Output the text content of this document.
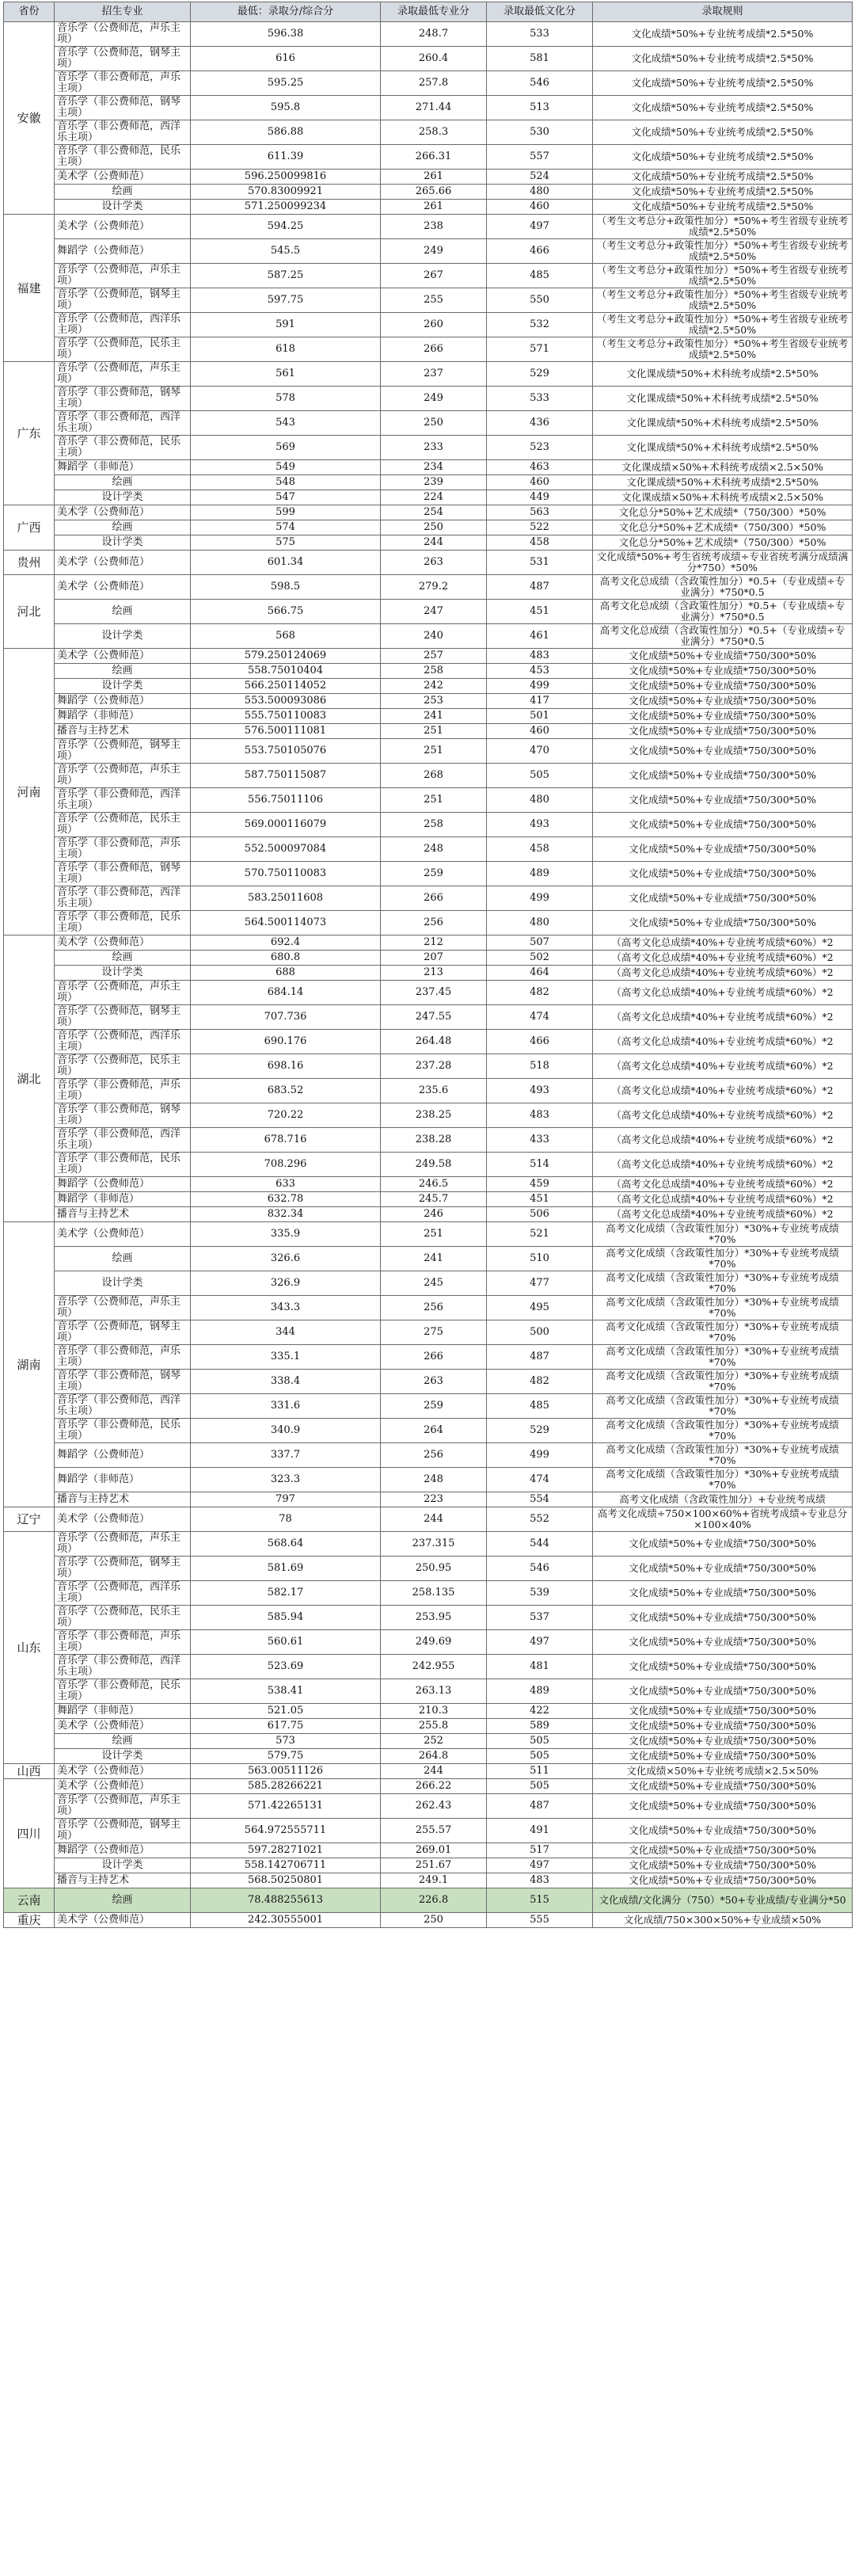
省份	招生专业	最低：录取分/综合分	录取最低专业分	录取最低文化分	录取规则
安徽	音乐学（公费师范，声乐主项）	596.38	248.7	533	文化成绩*50%+专业统考成绩*2.5*50%
	音乐学（公费师范，钢琴主项）	616	260.4	581	文化成绩*50%+专业统考成绩*2.5*50%
	音乐学（非公费师范，声乐主项）	595.25	257.8	546	文化成绩*50%+专业统考成绩*2.5*50%
	音乐学（非公费师范，钢琴主项）	595.8	271.44	513	文化成绩*50%+专业统考成绩*2.5*50%
	音乐学（非公费师范，西洋乐主项）	586.88	258.3	530	文化成绩*50%+专业统考成绩*2.5*50%
	音乐学（非公费师范，民乐主项）	611.39	266.31	557	文化成绩*50%+专业统考成绩*2.5*50%
	美术学（公费师范）	596.250099816	261	524	文化成绩*50%+专业统考成绩*2.5*50%
	绘画	570.83009921	265.66	480	文化成绩*50%+专业统考成绩*2.5*50%
	设计学类	571.250099234	261	460	文化成绩*50%+专业统考成绩*2.5*50%
福建	美术学（公费师范）	594.25	238	497	（考生文考总分+政策性加分）*50%+考生省级专业统考成绩*2.5*50%
	舞蹈学（公费师范）	545.5	249	466	（考生文考总分+政策性加分）*50%+考生省级专业统考成绩*2.5*50%
	音乐学（公费师范，声乐主项）	587.25	267	485	（考生文考总分+政策性加分）*50%+考生省级专业统考成绩*2.5*50%
	音乐学（公费师范，钢琴主项）	597.75	255	550	（考生文考总分+政策性加分）*50%+考生省级专业统考成绩*2.5*50%
	音乐学（公费师范，西洋乐主项）	591	260	532	（考生文考总分+政策性加分）*50%+考生省级专业统考成绩*2.5*50%
	音乐学（公费师范，民乐主项）	618	266	571	（考生文考总分+政策性加分）*50%+考生省级专业统考成绩*2.5*50%
广东	音乐学（公费师范，声乐主项）	561	237	529	文化课成绩*50%+术科统考成绩*2.5*50%
	音乐学（非公费师范，钢琴主项）	578	249	533	文化课成绩*50%+术科统考成绩*2.5*50%
	音乐学（非公费师范，西洋乐主项）	543	250	436	文化课成绩*50%+术科统考成绩*2.5*50%
	音乐学（非公费师范，民乐主项）	569	233	523	文化课成绩*50%+术科统考成绩*2.5*50%
	舞蹈学（非师范）	549	234	463	文化课成绩×50%+术科统考成绩×2.5×50%
	绘画	548	239	460	文化课成绩*50%+术科统考成绩*2.5*50%
	设计学类	547	224	449	文化课成绩×50%+术科统考成绩×2.5×50%
广西	美术学（公费师范）	599	254	563	文化总分*50%+艺术成绩*（750/300）*50%
	绘画	574	250	522	文化总分*50%+艺术成绩*（750/300）*50%
	设计学类	575	244	458	文化总分*50%+艺术成绩*（750/300）*50%
贵州	美术学（公费师范）	601.34	263	531	文化成绩*50%+考生省统考成绩÷专业省统考满分成绩满分*750）*50%
河北	美术学（公费师范）	598.5	279.2	487	高考文化总成绩（含政策性加分）*0.5+（专业成绩÷专业满分）*750*0.5
	绘画	566.75	247	451	高考文化总成绩（含政策性加分）*0.5+（专业成绩÷专业满分）*750*0.5
	设计学类	568	240	461	高考文化总成绩（含政策性加分）*0.5+（专业成绩÷专业满分）*750*0.5
河南	美术学（公费师范）	579.250124069	257	483	文化成绩*50%+专业成绩*750/300*50%
	绘画	558.75010404	258	453	文化成绩*50%+专业成绩*750/300*50%
	设计学类	566.250114052	242	499	文化成绩*50%+专业成绩*750/300*50%
	舞蹈学（公费师范）	553.500093086	253	417	文化成绩*50%+专业成绩*750/300*50%
	舞蹈学（非师范）	555.750110083	241	501	文化成绩*50%+专业成绩*750/300*50%
	播音与主持艺术	576.500111081	251	460	文化成绩*50%+专业成绩*750/300*50%
	音乐学（公费师范，钢琴主项）	553.750105076	251	470	文化成绩*50%+专业成绩*750/300*50%
	音乐学（公费师范，声乐主项）	587.750115087	268	505	文化成绩*50%+专业成绩*750/300*50%
	音乐学（非公费师范，西洋乐主项）	556.75011106	251	480	文化成绩*50%+专业成绩*750/300*50%
	音乐学（公费师范，民乐主项）	569.000116079	258	493	文化成绩*50%+专业成绩*750/300*50%
	音乐学（非公费师范，声乐主项）	552.500097084	248	458	文化成绩*50%+专业成绩*750/300*50%
	音乐学（非公费师范，钢琴主项）	570.750110083	259	489	文化成绩*50%+专业成绩*750/300*50%
	音乐学（非公费师范，西洋乐主项）	583.25011608	266	499	文化成绩*50%+专业成绩*750/300*50%
	音乐学（非公费师范，民乐主项）	564.500114073	256	480	文化成绩*50%+专业成绩*750/300*50%
湖北	美术学（公费师范）	692.4	212	507	（高考文化总成绩*40%+专业统考成绩*60%）*2
	绘画	680.8	207	502	（高考文化总成绩*40%+专业统考成绩*60%）*2
	设计学类	688	213	464	（高考文化总成绩*40%+专业统考成绩*60%）*2
	音乐学（公费师范，声乐主项）	684.14	237.45	482	（高考文化总成绩*40%+专业统考成绩*60%）*2
	音乐学（公费师范，钢琴主项）	707.736	247.55	474	（高考文化总成绩*40%+专业统考成绩*60%）*2
	音乐学（公费师范，西洋乐主项）	690.176	264.48	466	（高考文化总成绩*40%+专业统考成绩*60%）*2
	音乐学（公费师范，民乐主项）	698.16	237.28	518	（高考文化总成绩*40%+专业统考成绩*60%）*2
	音乐学（非公费师范，声乐主项）	683.52	235.6	493	（高考文化总成绩*40%+专业统考成绩*60%）*2
	音乐学（非公费师范，钢琴主项）	720.22	238.25	483	（高考文化总成绩*40%+专业统考成绩*60%）*2
	音乐学（非公费师范，西洋乐主项）	678.716	238.28	433	（高考文化总成绩*40%+专业统考成绩*60%）*2
	音乐学（非公费师范，民乐主项）	708.296	249.58	514	（高考文化总成绩*40%+专业统考成绩*60%）*2
	舞蹈学（公费师范）	633	246.5	459	（高考文化总成绩*40%+专业统考成绩*60%）*2
	舞蹈学（非师范）	632.78	245.7	451	（高考文化总成绩*40%+专业统考成绩*60%）*2
	播音与主持艺术	832.34	246	506	（高考文化总成绩*40%+专业统考成绩*60%）*2
湖南	美术学（公费师范）	335.9	251	521	高考文化成绩（含政策性加分）*30%+专业统考成绩*70%
	绘画	326.6	241	510	高考文化成绩（含政策性加分）*30%+专业统考成绩*70%
	设计学类	326.9	245	477	高考文化成绩（含政策性加分）*30%+专业统考成绩*70%
	音乐学（公费师范，声乐主项）	343.3	256	495	高考文化成绩（含政策性加分）*30%+专业统考成绩*70%
	音乐学（公费师范，钢琴主项）	344	275	500	高考文化成绩（含政策性加分）*30%+专业统考成绩*70%
	音乐学（非公费师范，声乐主项）	335.1	266	487	高考文化成绩（含政策性加分）*30%+专业统考成绩*70%
	音乐学（非公费师范，钢琴主项）	338.4	263	482	高考文化成绩（含政策性加分）*30%+专业统考成绩*70%
	音乐学（非公费师范，西洋乐主项）	331.6	259	485	高考文化成绩（含政策性加分）*30%+专业统考成绩*70%
	音乐学（非公费师范，民乐主项）	340.9	264	529	高考文化成绩（含政策性加分）*30%+专业统考成绩*70%
	舞蹈学（公费师范）	337.7	256	499	高考文化成绩（含政策性加分）*30%+专业统考成绩*70%
	舞蹈学（非师范）	323.3	248	474	高考文化成绩（含政策性加分）*30%+专业统考成绩*70%
	播音与主持艺术	797	223	554	高考文化成绩（含政策性加分）+专业统考成绩
辽宁	美术学（公费师范）	78	244	552	高考文化成绩÷750×100×60%+省统考成绩÷专业总分×100×40%
山东	音乐学（公费师范，声乐主项）	568.64	237.315	544	文化成绩*50%+专业成绩*750/300*50%
	音乐学（公费师范，钢琴主项）	581.69	250.95	546	文化成绩*50%+专业成绩*750/300*50%
	音乐学（公费师范，西洋乐主项）	582.17	258.135	539	文化成绩*50%+专业成绩*750/300*50%
	音乐学（公费师范，民乐主项）	585.94	253.95	537	文化成绩*50%+专业成绩*750/300*50%
	音乐学（非公费师范，声乐主项）	560.61	249.69	497	文化成绩*50%+专业成绩*750/300*50%
	音乐学（非公费师范，西洋乐主项）	523.69	242.955	481	文化成绩*50%+专业成绩*750/300*50%
	音乐学（非公费师范，民乐主项）	538.41	263.13	489	文化成绩*50%+专业成绩*750/300*50%
	舞蹈学（非师范）	521.05	210.3	422	文化成绩*50%+专业成绩*750/300*50%
	美术学（公费师范）	617.75	255.8	589	文化成绩*50%+专业成绩*750/300*50%
	绘画	573	252	505	文化成绩*50%+专业成绩*750/300*50%
	设计学类	579.75	264.8	505	文化成绩*50%+专业成绩*750/300*50%
山西	美术学（公费师范）	563.00511126	244	511	文化成绩×50%+专业统考成绩×2.5×50%
四川	美术学（公费师范）	585.28266221	266.22	505	文化成绩*50%+专业成绩*750/300*50%
	音乐学（公费师范，声乐主项）	571.42265131	262.43	487	文化成绩*50%+专业成绩*750/300*50%
	音乐学（公费师范，钢琴主项）	564.972555711	255.57	491	文化成绩*50%+专业成绩*750/300*50%
	舞蹈学（公费师范）	597.28271021	269.01	517	文化成绩*50%+专业成绩*750/300*50%
	设计学类	558.142706711	251.67	497	文化成绩*50%+专业成绩*750/300*50%
	播音与主持艺术	568.50250801	249.1	483	文化成绩*50%+专业成绩*750/300*50%
云南	绘画	78.488255613	226.8	515	文化成绩/文化满分（750）*50+专业成绩/专业满分*50
重庆	美术学（公费师范）	242.30555001	250	555	文化成绩/750×300×50%+专业成绩×50%
